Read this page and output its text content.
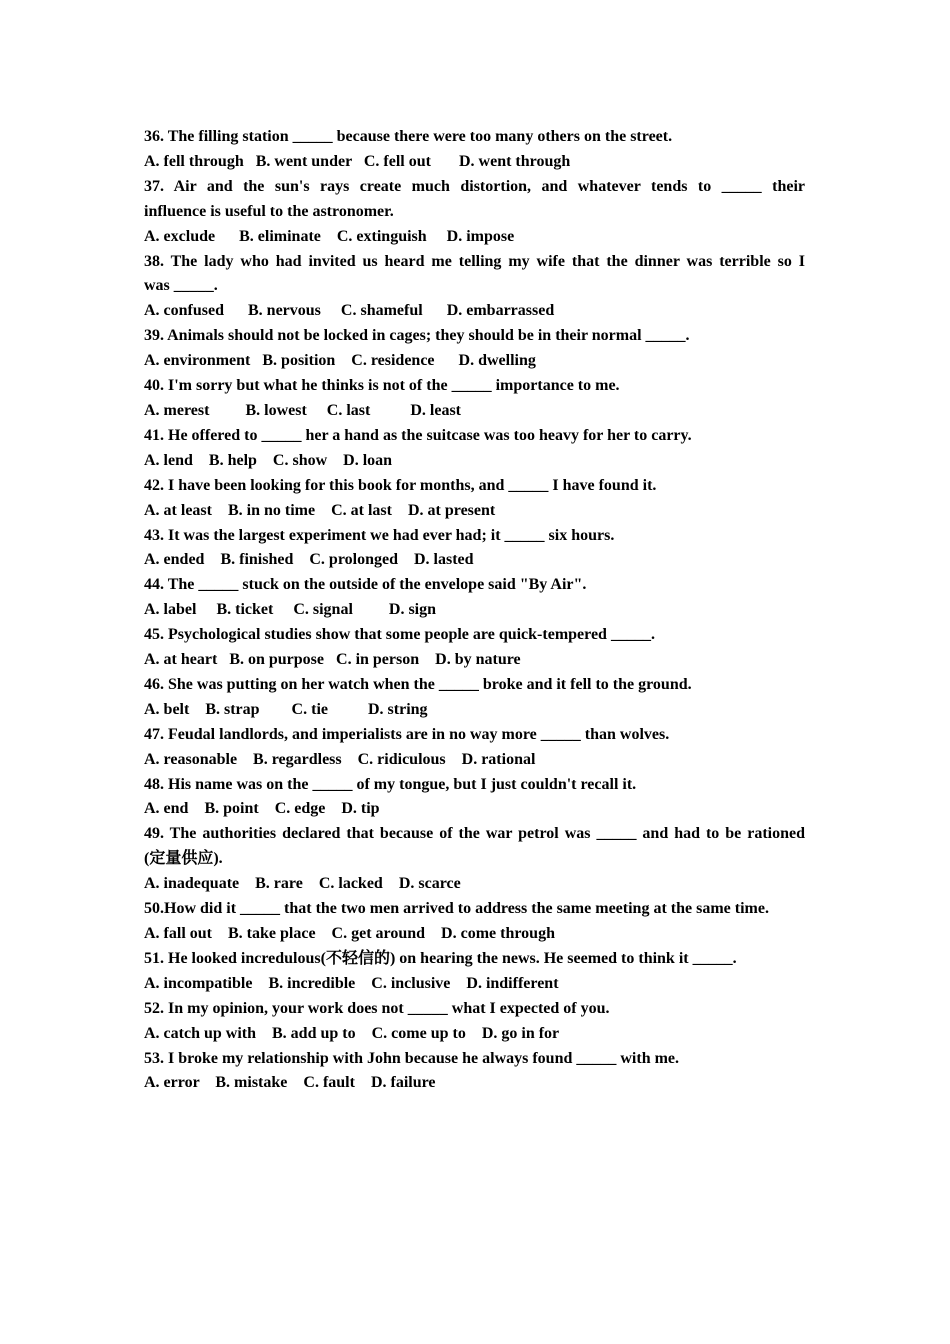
36. The filling station _____ because there were too many others on the street.

A. fell through   B. went under   C. fell out       D. went through

37. Air and the sun's rays create much distortion, and whatever tends to _____ their

influence is useful to the astronomer.

A. exclude      B. eliminate    C. extinguish     D. impose

38. The lady who had invited us heard me telling my wife that the dinner was terrible so I

was _____.

A. confused      B. nervous     C. shameful      D. embarrassed

39. Animals should not be locked in cages; they should be in their normal _____.

A. environment   B. position    C. residence      D. dwelling

40. I'm sorry but what he thinks is not of the _____ importance to me.

A. merest         B. lowest     C. last          D. least

41. He offered to _____ her a hand as the suitcase was too heavy for her to carry.

A. lend    B. help    C. show    D. loan

42. I have been looking for this book for months, and _____ I have found it.

A. at least    B. in no time    C. at last    D. at present

43. It was the largest experiment we had ever had; it _____ six hours.

A. ended    B. finished    C. prolonged    D. lasted

44. The _____ stuck on the outside of the envelope said "By Air".

A. label     B. ticket     C. signal         D. sign

45. Psychological studies show that some people are quick-tempered _____.

A. at heart   B. on purpose   C. in person    D. by nature

46. She was putting on her watch when the _____ broke and it fell to the ground.

A. belt    B. strap        C. tie          D. string

47. Feudal landlords, and imperialists are in no way more _____ than wolves.

A. reasonable    B. regardless    C. ridiculous    D. rational

48. His name was on the _____ of my tongue, but I just couldn't recall it.

A. end    B. point    C. edge    D. tip

49. The authorities declared that because of the war petrol was _____ and had to be rationed

(定量供应).

A. inadequate    B. rare    C. lacked    D. scarce

50.How did it _____ that the two men arrived to address the same meeting at the same time.

A. fall out    B. take place    C. get around    D. come through

51. He looked incredulous(不轻信的) on hearing the news. He seemed to think it _____.

A. incompatible    B. incredible    C. inclusive    D. indifferent

52. In my opinion, your work does not _____ what I expected of you.

A. catch up with    B. add up to    C. come up to    D. go in for

53. I broke my relationship with John because he always found _____ with me.

A. error    B. mistake    C. fault    D. failure
